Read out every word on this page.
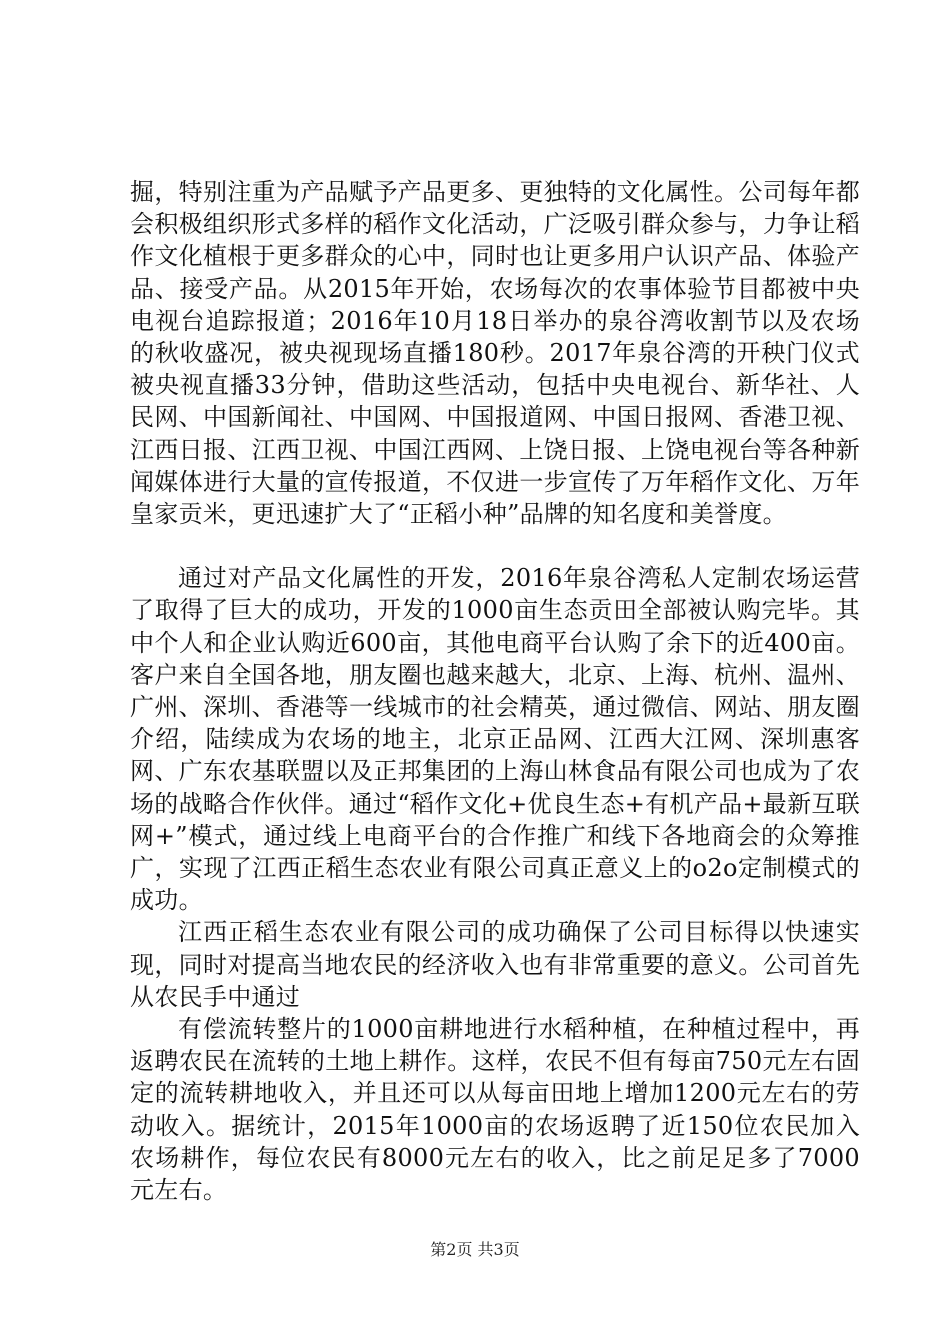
掘，特别注重为产品赋予产品更多、更独特的文化属性。公司每年都会积极组织形式多样的稻作文化活动，广泛吸引群众参与，力争让稻作文化植根于更多群众的心中，同时也让更多用户认识产品、体验产品、接受产品。从2015年开始，农场每次的农事体验节目都被中央电视台追踪报道；2016年10月18日举办的泉谷湾收割节以及农场的秋收盛况，被央视现场直播180秒。2017年泉谷湾的开秧门仪式被央视直播33分钟，借助这些活动，包括中央电视台、新华社、人民网、中国新闻社、中国网、中国报道网、中国日报网、香港卫视、江西日报、江西卫视、中国江西网、上饶日报、上饶电视台等各种新闻媒体进行大量的宣传报道，不仅进一步宣传了万年稻作文化、万年皇家贡米，更迅速扩大了“正稻小种”品牌的知名度和美誉度。

通过对产品文化属性的开发，2016年泉谷湾私人定制农场运营了取得了巨大的成功，开发的1000亩生态贡田全部被认购完毕。其中个人和企业认购近600亩，其他电商平台认购了余下的近400亩。客户来自全国各地，朋友圈也越来越大，北京、上海、杭州、温州、广州、深圳、香港等一线城市的社会精英，通过微信、网站、朋友圈介绍，陆续成为农场的地主，北京正品网、江西大江网、深圳惠客网、广东农基联盟以及正邦集团的上海山林食品有限公司也成为了农场的战略合作伙伴。通过“稻作文化+优良生态+有机产品+最新互联网+”模式，通过线上电商平台的合作推广和线下各地商会的众筹推广，实现了江西正稻生态农业有限公司真正意义上的o2o定制模式的成功。

江西正稻生态农业有限公司的成功确保了公司目标得以快速实现，同时对提高当地农民的经济收入也有非常重要的意义。公司首先从农民手中通过

有偿流转整片的1000亩耕地进行水稻种植，在种植过程中，再返聘农民在流转的土地上耕作。这样，农民不但有每亩750元左右固定的流转耕地收入，并且还可以从每亩田地上增加1200元左右的劳动收入。据统计，2015年1000亩的农场返聘了近150位农民加入农场耕作，每位农民有8000元左右的收入，比之前足足多了7000元左右。

第2页 共3页
